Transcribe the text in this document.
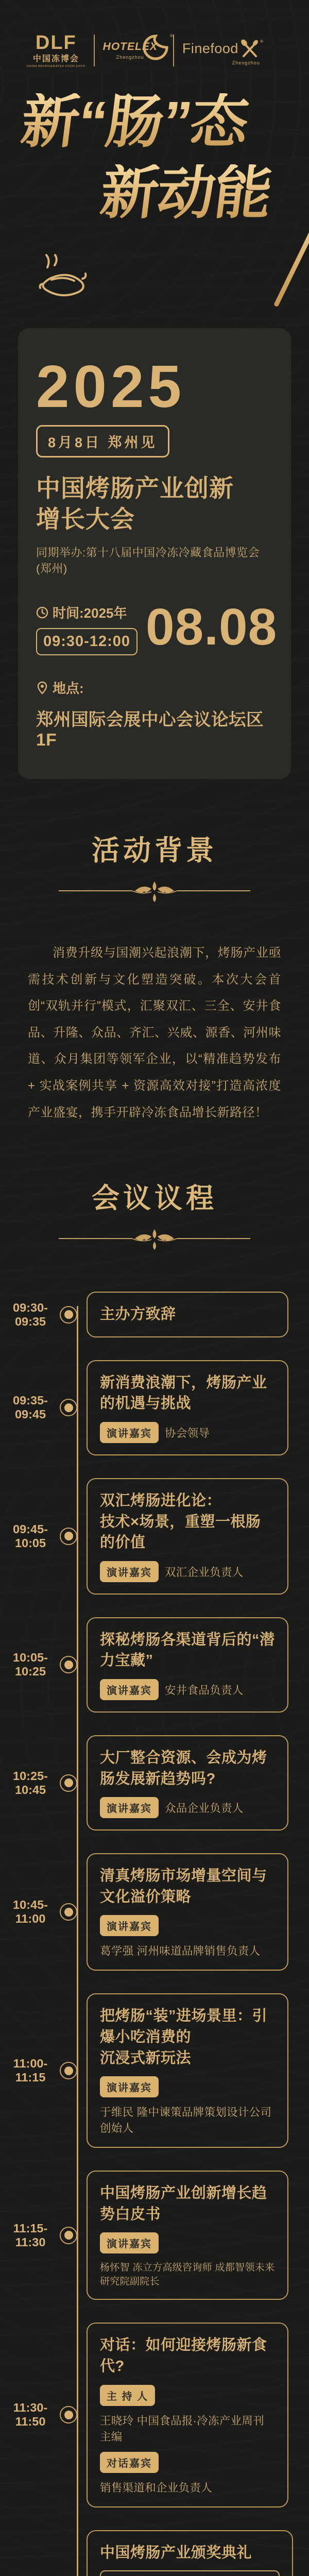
DLF
中国冻博会
CHINA REFRIGERATED FOOD EXPO
®
HOTELEX
Zhengzhou
Finefood	®
Zhengzhou
新“肠”态
新动能
2025
8月8日 郑州见
中国烤肠产业创新
增长大会
同期举办:第十八届中国冷冻冷藏食品博览会 (郑州)
时间:2025年
09:30-12:00 08.08
地点:
郑州国际会展中心会议论坛区1F
活动背景
消费升级与国潮兴起浪潮下，烤肠产业亟需技术创新与文化塑造突破。本次大会首创“双轨并行”模式，汇聚双汇、三全、安井食品、升隆、众品、齐汇、兴威、源香、河州味道、众月集团等领军企业，以“精准趋势发布 + 实战案例共享 + 资源高效对接”打造高浓度产业盛宴，携手开辟冷冻食品增长新路径！
会议议程
09:30-09:35	主办方致辞
09:35-09:45
新消费浪潮下，烤肠产业的机遇与挑战
演讲嘉宾	协会领导
09:45-10:05
双汇烤肠进化论：
技术×场景，重塑一根肠的价值
演讲嘉宾	双汇企业负责人
10:05-10:25
探秘烤肠各渠道背后的“潜力宝藏”
演讲嘉宾	安井食品负责人
10:25-10:45
大厂整合资源、会成为烤肠发展新趋势吗?
演讲嘉宾	众品企业负责人
10:45-11:00
清真烤肠市场增量空间与文化溢价策略
演讲嘉宾
葛学强 河州味道品牌销售负责人
11:00-11:15
把烤肠“装”进场景里：引爆小吃消费的
沉浸式新玩法
演讲嘉宾
于维民 隆中谏策品牌策划设计公司创始人
11:15-11:30
中国烤肠产业创新增长趋势白皮书
演讲嘉宾
杨怀智 冻立方高级咨询师 成都智领未来研究院副院长
11:30-11:50
对话：如何迎接烤肠新食代?
主 持 人
王晓玲 中国食品报·冷冻产业周刊主编
对话嘉宾
销售渠道和企业负责人
中国烤肠产业颁奖典礼
